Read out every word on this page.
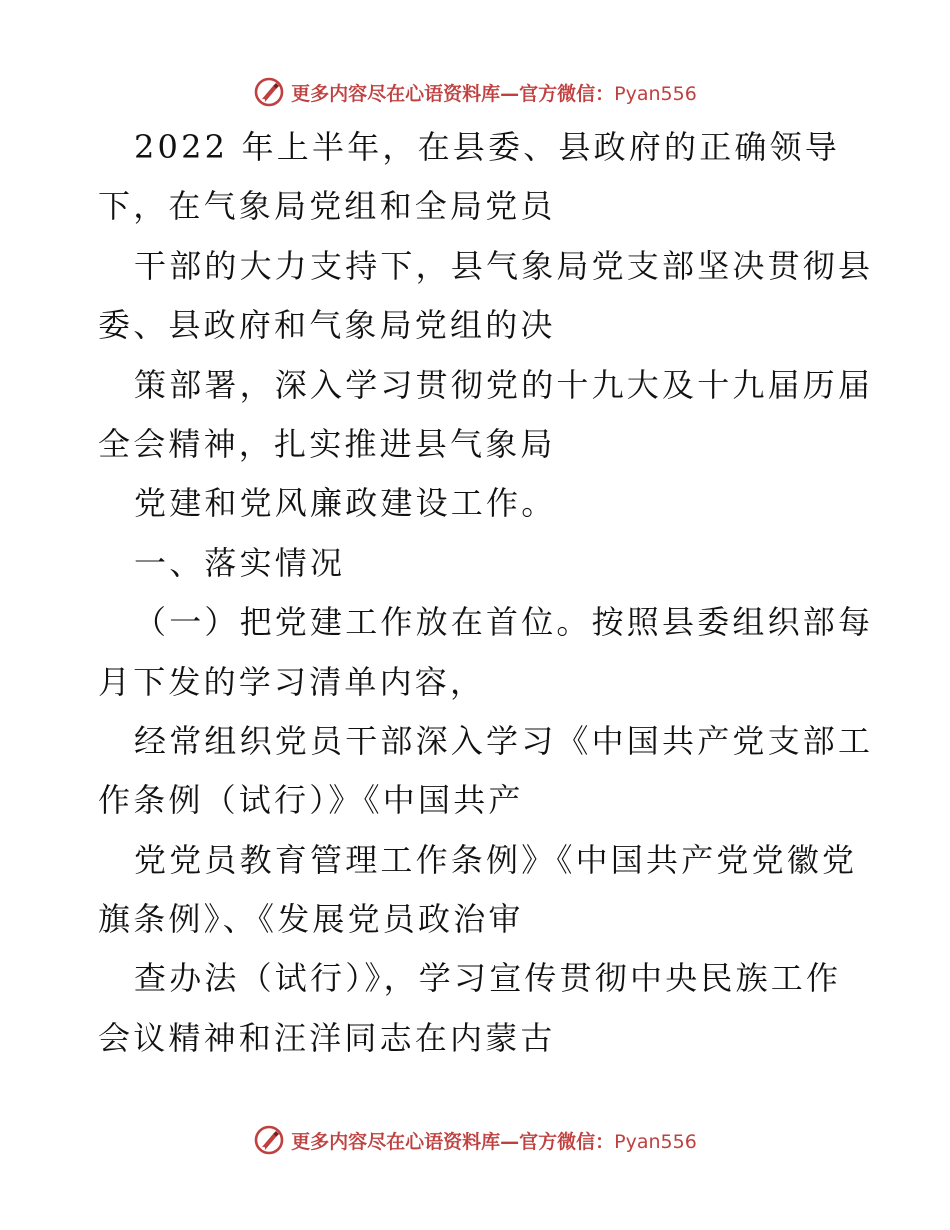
更多内容尽在心语资料库—官方微信：Pyan556
2022 年上半年，在县委、县政府的正确领导
下，在气象局党组和全局党员
干部的大力支持下，县气象局党支部坚决贯彻县
委、县政府和气象局党组的决
策部署，深入学习贯彻党的十九大及十九届历届
全会精神，扎实推进县气象局
党建和党风廉政建设工作。
一、落实情况
（一）把党建工作放在首位。按照县委组织部每
月下发的学习清单内容，
经常组织党员干部深入学习《中国共产党支部工
作条例（试行）》《中国共产
党党员教育管理工作条例》《中国共产党党徽党
旗条例》、《发展党员政治审
查办法（试行）》，学习宣传贯彻中央民族工作
会议精神和汪洋同志在内蒙古
更多内容尽在心语资料库—官方微信：Pyan556
